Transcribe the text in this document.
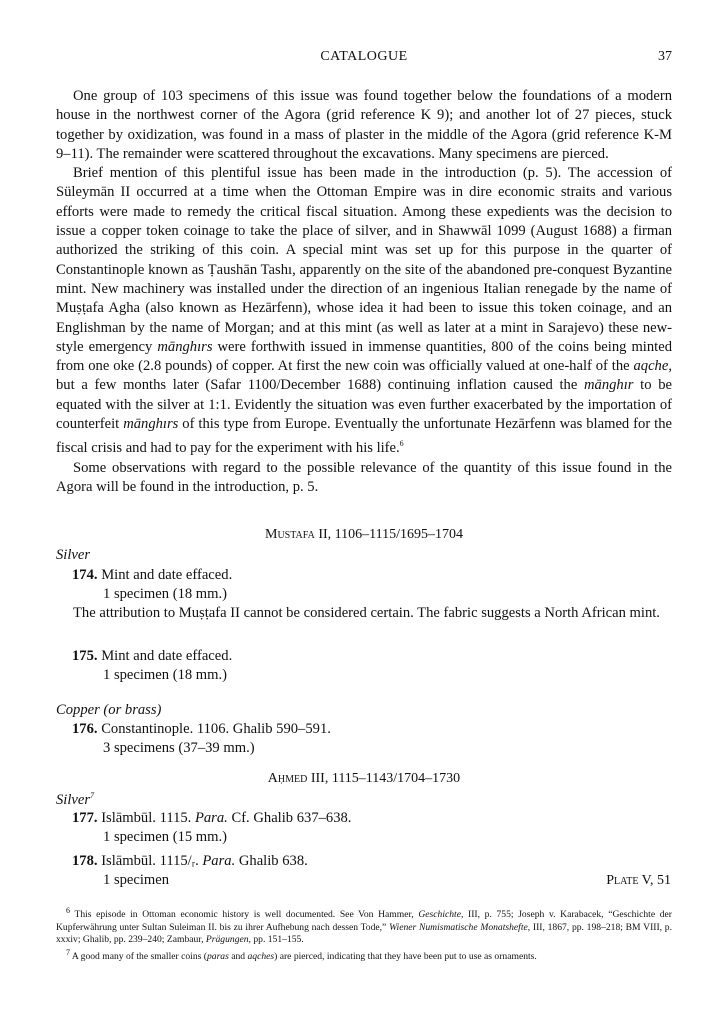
CATALOGUE	37

One group of 103 specimens of this issue was found together below the foundations of a modern house in the northwest corner of the Agora (grid reference K 9); and another lot of 27 pieces, stuck together by oxidization, was found in a mass of plaster in the middle of the Agora (grid reference K-M 9–11). The remainder were scattered throughout the excavations. Many specimens are pierced.

Brief mention of this plentiful issue has been made in the introduction (p. 5). The accession of Süleymān II occurred at a time when the Ottoman Empire was in dire economic straits and various efforts were made to remedy the critical fiscal situation. Among these expedients was the decision to issue a copper token coinage to take the place of silver, and in Shawwāl 1099 (August 1688) a firman authorized the striking of this coin. A special mint was set up for this purpose in the quarter of Constantinople known as Ṭaushān Tashı, apparently on the site of the abandoned pre-conquest Byzantine mint. New machinery was installed under the direction of an ingenious Italian renegade by the name of Muṣṭafa Agha (also known as Hezārfenn), whose idea it had been to issue this token coinage, and an Englishman by the name of Morgan; and at this mint (as well as later at a mint in Sarajevo) these new-style emergency mānghırs were forthwith issued in immense quantities, 800 of the coins being minted from one oke (2.8 pounds) of copper. At first the new coin was officially valued at one-half of the aqche, but a few months later (Safar 1100/December 1688) continuing inflation caused the mānghır to be equated with the silver at 1:1. Evidently the situation was even further exacerbated by the importation of counterfeit mānghırs of this type from Europe. Eventually the unfortunate Hezārfenn was blamed for the fiscal crisis and had to pay for the experiment with his life.$^6$

Some observations with regard to the possible relevance of the quantity of this issue found in the Agora will be found in the introduction, p. 5.

Mustafa II, 1106–1115/1695–1704
Silver
174. Mint and date effaced.
1 specimen (18 mm.)

The attribution to Muṣṭafa II cannot be considered certain. The fabric suggests a North African mint.

175. Mint and date effaced.
1 specimen (18 mm.)
Copper (or brass)
176. Constantinople. 1106. Ghalib 590–591.
3 specimens (37–39 mm.)
Aḥmed III, 1115–1143/1704–1730
Silver$^7$
177. Islāmbūl. 1115. Para. Cf. Ghalib 637–638.
1 specimen (15 mm.)
178. Islāmbūl. 1115/ᵣ. Para. Ghalib 638.
1 specimen	Plate V, 51

$^6$ This episode in Ottoman economic history is well documented. See Von Hammer, Geschichte, III, p. 755; Joseph v. Karabacek, “Geschichte der Kupferwährung unter Sultan Suleiman II. bis zu ihrer Aufhebung nach dessen Tode,” Wiener Numismatische Monatshefte, III, 1867, pp. 198–218; BM VIII, p. xxxiv; Ghalib, pp. 239–240; Zambaur, Prägungen, pp. 151–155.

$^7$ A good many of the smaller coins (paras and aqches) are pierced, indicating that they have been put to use as ornaments.
